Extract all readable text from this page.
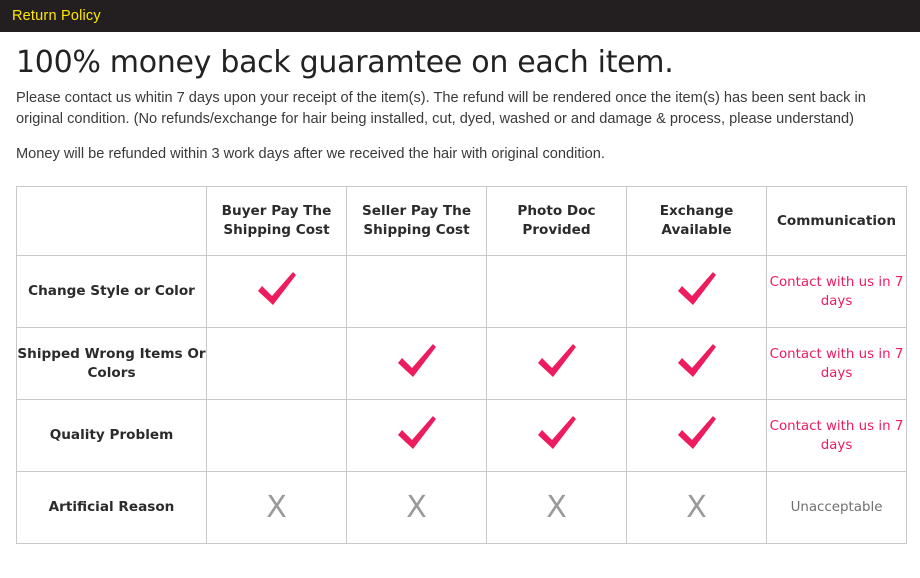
Return Policy
100% money back guaramtee on each item.
Please contact us whitin 7 days upon your receipt of the item(s). The refund will be rendered once the item(s) has been sent back in original condition. (No refunds/exchange for hair being installed, cut, dyed, washed or and damage & process, please understand)
Money will be refunded within 3 work days after we received the hair with original condition.
	Buyer Pay The Shipping Cost	Seller Pay The Shipping Cost	Photo Doc Provided	Exchange Available	Communication
Change Style or Color					Contact with us in 7 days
Shipped Wrong Items Or Colors					Contact with us in 7 days
Quality Problem					Contact with us in 7 days
Artificial Reason	X	X	X	X	Unacceptable
